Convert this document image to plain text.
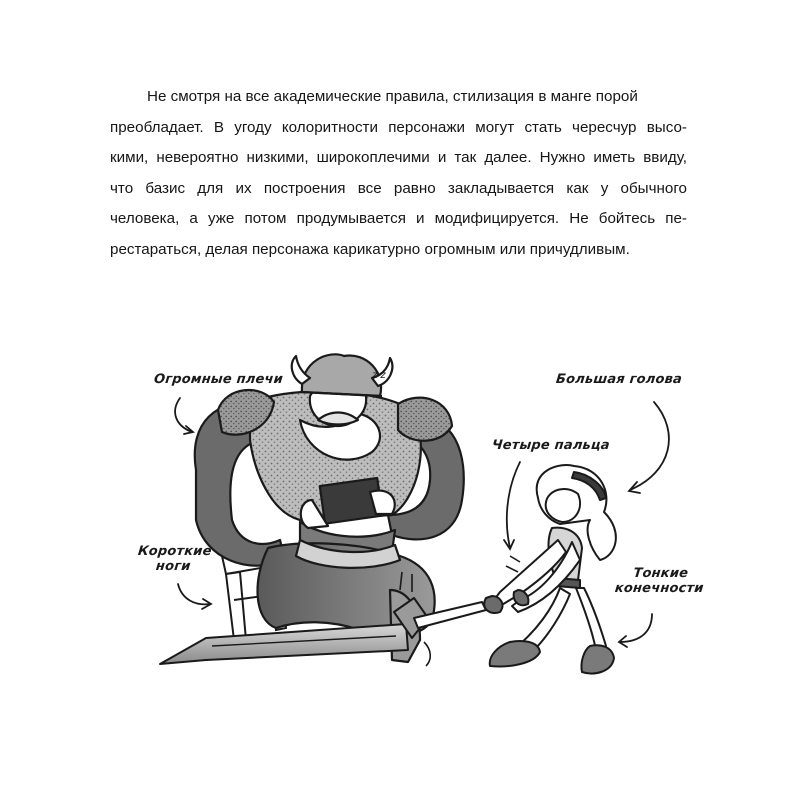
Не смотря на все академические правила, стилизация в манге порой
преобладает. В угоду колоритности персонажи могут стать чересчур высо-
кими, невероятно низкими, широкоплечими и так далее. Нужно иметь ввиду,
что базис для их построения все равно закладывается как у обычного
человека, а уже потом продумывается и модифицируется. Не бойтесь пе-
рестараться, делая персонажа карикатурно огромным или причудливым.
z z
Огромные плечи	Большая голова
Четыре пальца
Короткие
ноги	Тонкие
конечности
